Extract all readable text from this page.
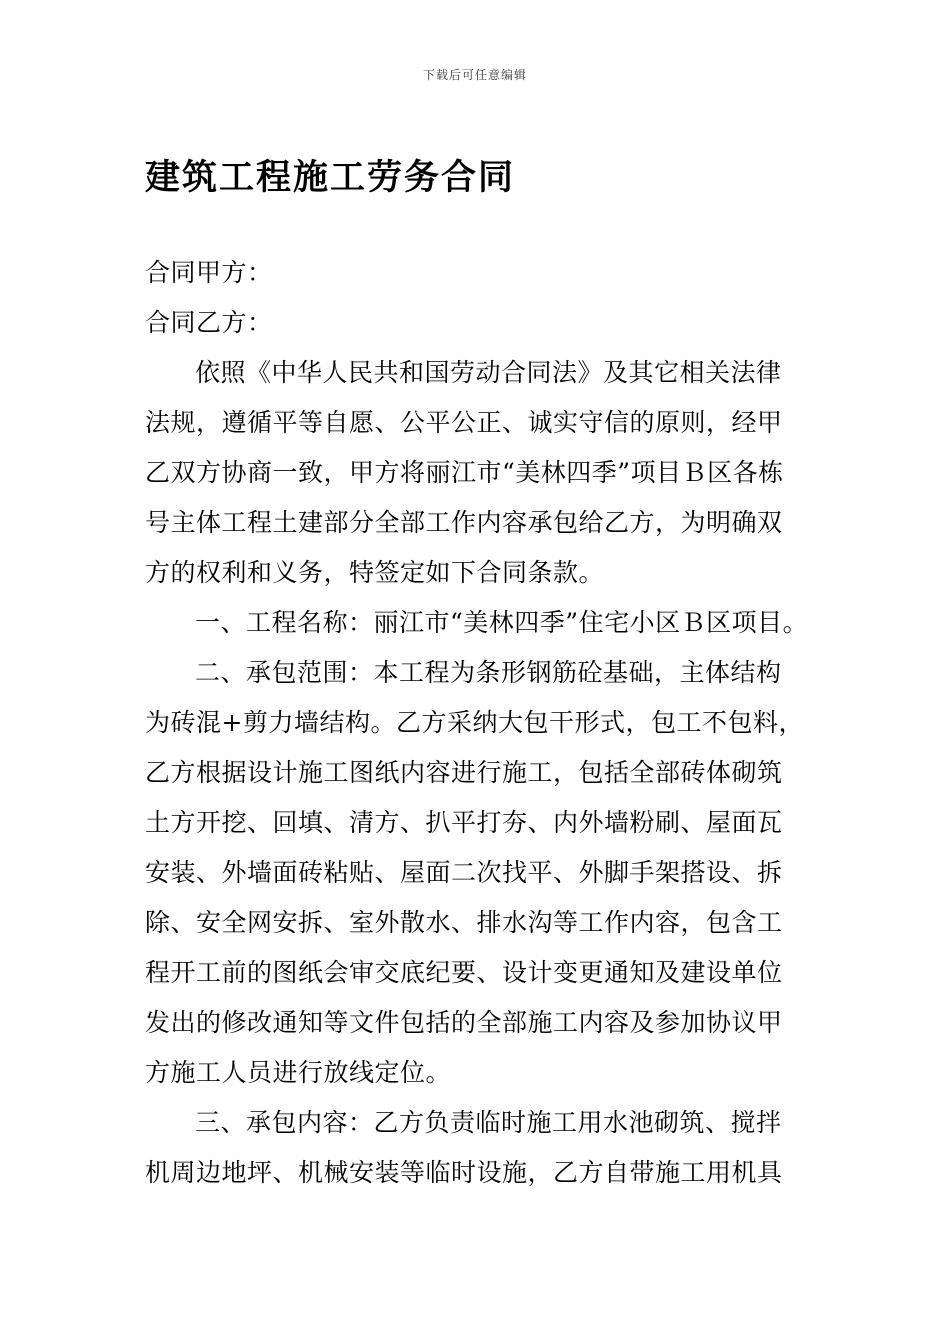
下载后可任意编辑
建筑工程施工劳务合同
合同甲方：
合同乙方：
依照《中华人民共和国劳动合同法》及其它相关法律
法规，遵循平等自愿、公平公正、诚实守信的原则，经甲
乙双方协商一致，甲方将丽江市“美林四季”项目Ｂ区各栋
号主体工程土建部分全部工作内容承包给乙方，为明确双
方的权利和义务，特签定如下合同条款。
一、工程名称：丽江市“美林四季”住宅小区Ｂ区项目。
二、承包范围：本工程为条形钢筋砼基础，主体结构
为砖混+剪力墙结构。乙方采纳大包干形式，包工不包料，
乙方根据设计施工图纸内容进行施工，包括全部砖体砌筑
土方开挖、回填、清方、扒平打夯、内外墙粉刷、屋面瓦
安装、外墙面砖粘贴、屋面二次找平、外脚手架搭设、拆
除、安全网安拆、室外散水、排水沟等工作内容，包含工
程开工前的图纸会审交底纪要、设计变更通知及建设单位
发出的修改通知等文件包括的全部施工内容及参加协议甲
方施工人员进行放线定位。
三、承包内容：乙方负责临时施工用水池砌筑、搅拌
机周边地坪、机械安装等临时设施，乙方自带施工用机具
